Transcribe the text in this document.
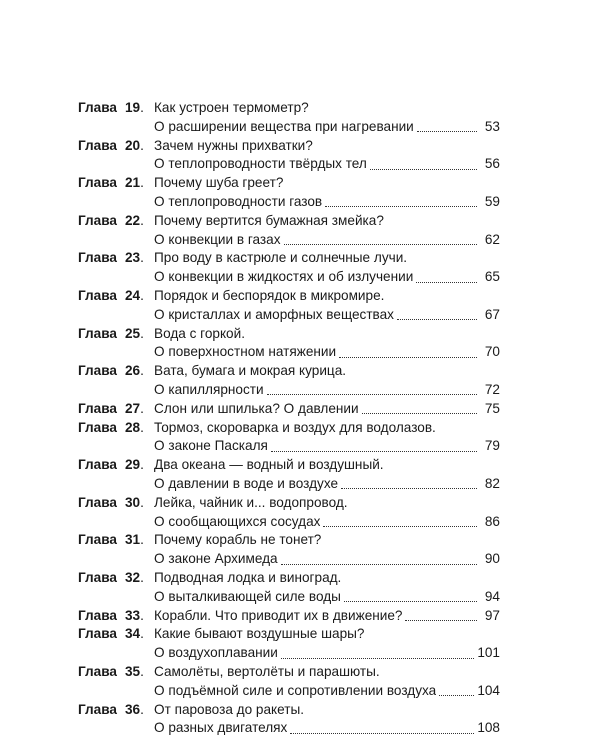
Глава 19 . Как устроен термометр?
О расширении вещества при нагревании	53
Глава 20 . Зачем нужны прихватки?
О теплопроводности твёрдых тел	56
Глава 21 . Почему шуба греет?
О теплопроводности газов	59
Глава 22 . Почему вертится бумажная змейка?
О конвекции в газах	62
Глава 23 . Про воду в кастрюле и солнечные лучи.
О конвекции в жидкостях и об излучении	65
Глава 24 . Порядок и беспорядок в микромире.
О кристаллах и аморфных веществах	67
Глава 25 . Вода с горкой.
О поверхностном натяжении	70
Глава 26 . Вата, бумага и мокрая курица.
О капиллярности	72
Глава 27 . Слон или шпилька? О давлении	75
Глава 28 . Тормоз, скороварка и воздух для водолазов.
О законе Паскаля	79
Глава 29 . Два океана — водный и воздушный.
О давлении в воде и воздухе	82
Глава 30 . Лейка, чайник и... водопровод.
О сообщающихся сосудах	86
Глава 31 . Почему корабль не тонет?
О законе Архимеда	90
Глава 32 . Подводная лодка и виноград.
О выталкивающей силе воды	94
Глава 33 . Корабли. Что приводит их в движение?	97
Глава 34 . Какие бывают воздушные шары?
О воздухоплавании	101
Глава 35 . Самолёты, вертолёты и парашюты.
О подъёмной силе и сопротивлении воздуха	104
Глава 36 . От паровоза до ракеты.
О разных двигателях	108
